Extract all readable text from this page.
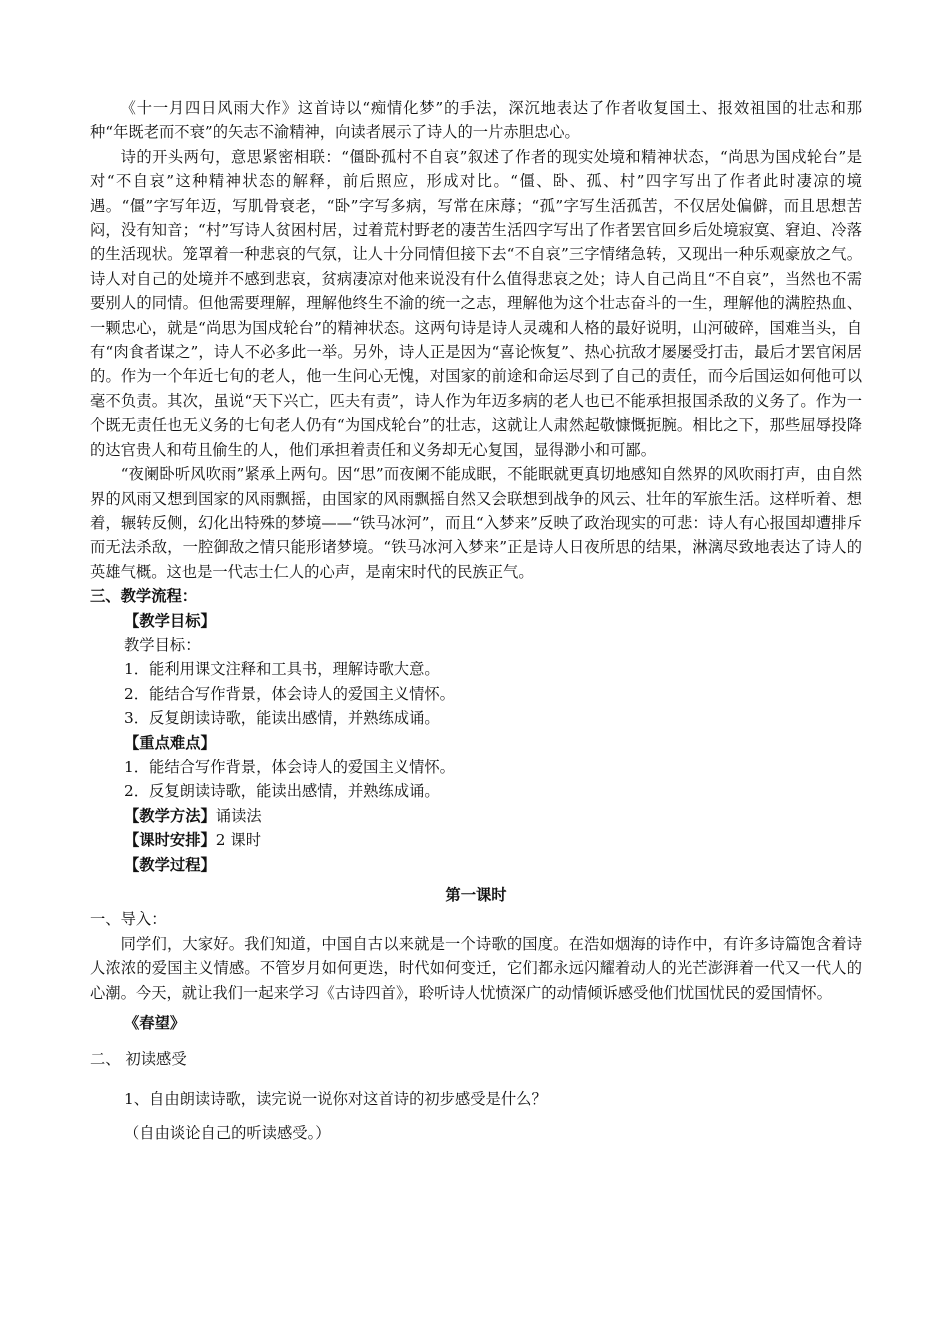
《十一月四日风雨大作》这首诗以“痴情化梦”的手法，深沉地表达了作者收复国土、报效祖国的壮志和那种“年既老而不衰”的矢志不渝精神，向读者展示了诗人的一片赤胆忠心。

诗的开头两句，意思紧密相联：“僵卧孤村不自哀”叙述了作者的现实处境和精神状态，“尚思为国戍轮台”是对“不自哀”这种精神状态的解释，前后照应，形成对比。“僵、卧、孤、村”四字写出了作者此时凄凉的境遇。“僵”字写年迈，写肌骨衰老，“卧”字写多病，写常在床蓐；“孤”字写生活孤苦，不仅居处偏僻，而且思想苦闷，没有知音；“村”写诗人贫困村居，过着荒村野老的凄苦生活四字写出了作者罢官回乡后处境寂寞、窘迫、冷落的生活现状。笼罩着一种悲哀的气氛，让人十分同情但接下去“不自哀”三字情绪急转，又现出一种乐观豪放之气。诗人对自己的处境并不感到悲哀，贫病凄凉对他来说没有什么值得悲哀之处；诗人自己尚且“不自哀”，当然也不需要别人的同情。但他需要理解，理解他终生不渝的统一之志，理解他为这个壮志奋斗的一生，理解他的满腔热血、一颗忠心，就是“尚思为国戍轮台”的精神状态。这两句诗是诗人灵魂和人格的最好说明，山河破碎，国难当头，自有“肉食者谋之”，诗人不必多此一举。另外，诗人正是因为“喜论恢复”、热心抗敌才屡屡受打击，最后才罢官闲居的。作为一个年近七旬的老人，他一生问心无愧，对国家的前途和命运尽到了自己的责任，而今后国运如何他可以毫不负责。其次，虽说“天下兴亡，匹夫有责”，诗人作为年迈多病的老人也已不能承担报国杀敌的义务了。作为一个既无责任也无义务的七旬老人仍有“为国戍轮台”的壮志，这就让人肃然起敬慷慨扼腕。相比之下，那些屈辱投降的达官贵人和苟且偷生的人，他们承担着责任和义务却无心复国，显得渺小和可鄙。

“夜阑卧听风吹雨”紧承上两句。因“思”而夜阑不能成眠，不能眠就更真切地感知自然界的风吹雨打声，由自然界的风雨又想到国家的风雨飘摇，由国家的风雨飘摇自然又会联想到战争的风云、壮年的军旅生活。这样听着、想着，辗转反侧，幻化出特殊的梦境——“铁马冰河”，而且“入梦来”反映了政治现实的可悲：诗人有心报国却遭排斥而无法杀敌，一腔御敌之情只能形诸梦境。“铁马冰河入梦来”正是诗人日夜所思的结果，淋漓尽致地表达了诗人的英雄气概。这也是一代志士仁人的心声，是南宋时代的民族正气。

三、教学流程：

【教学目标】

教学目标：

1．能利用课文注释和工具书，理解诗歌大意。

2．能结合写作背景，体会诗人的爱国主义情怀。

3．反复朗读诗歌，能读出感情，并熟练成诵。

【重点难点】

1．能结合写作背景，体会诗人的爱国主义情怀。

2．反复朗读诗歌，能读出感情，并熟练成诵。

【教学方法】诵读法

【课时安排】2 课时

【教学过程】

第一课时

一、导入：

同学们，大家好。我们知道，中国自古以来就是一个诗歌的国度。在浩如烟海的诗作中，有许多诗篇饱含着诗人浓浓的爱国主义情感。不管岁月如何更迭，时代如何变迁，它们都永远闪耀着动人的光芒澎湃着一代又一代人的心潮。今天，就让我们一起来学习《古诗四首》，聆听诗人忧愤深广的动情倾诉感受他们忧国忧民的爱国情怀。

《春望》

二、 初读感受

1、自由朗读诗歌，读完说一说你对这首诗的初步感受是什么？

（自由谈论自己的听读感受。）
